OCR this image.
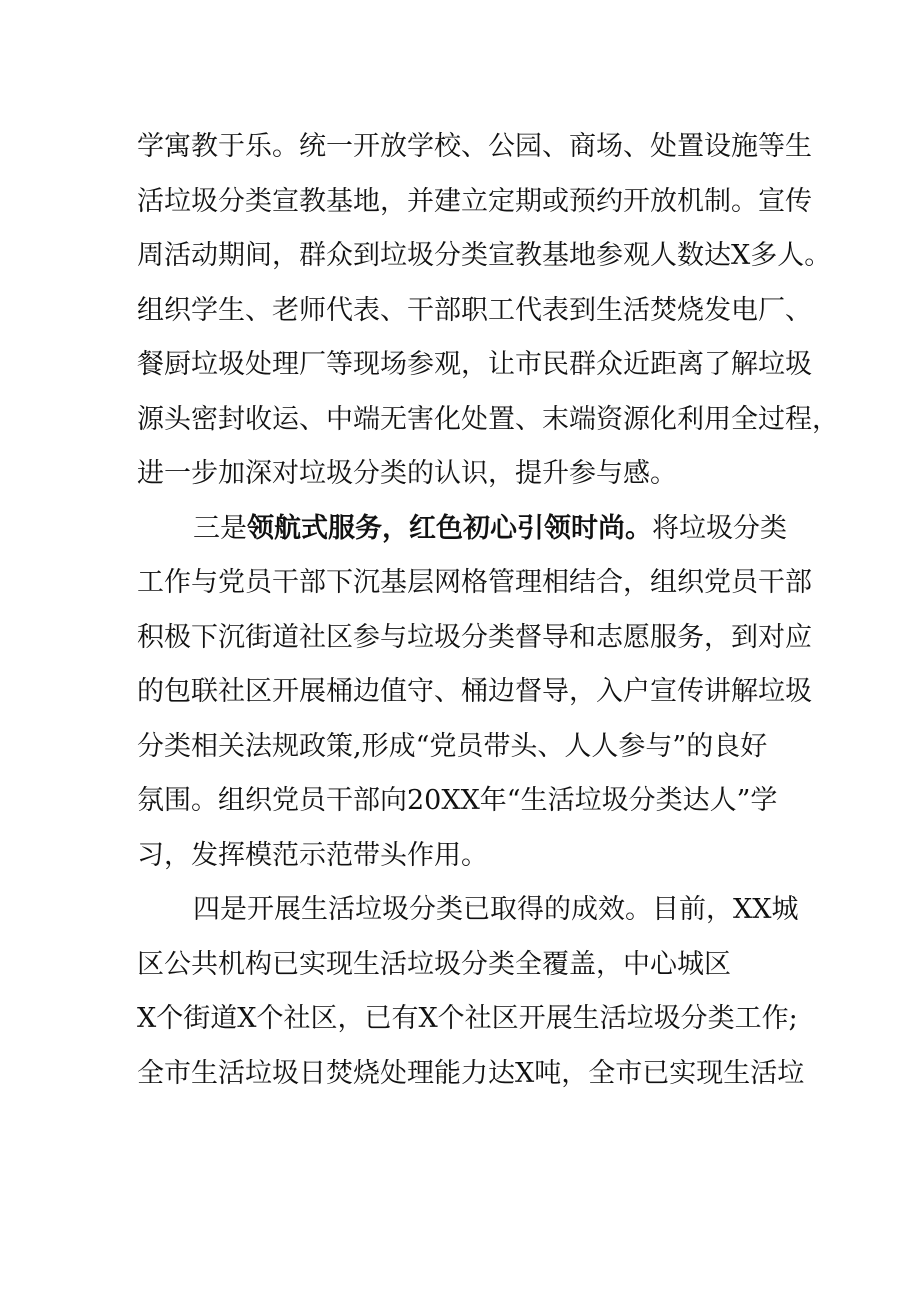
学寓教于乐。统一开放学校、公园、商场、处置设施等生
活垃圾分类宣教基地，并建立定期或预约开放机制。宣传
周活动期间，群众到垃圾分类宣教基地参观人数达X多人。
组织学生、老师代表、干部职工代表到生活焚烧发电厂、
餐厨垃圾处理厂等现场参观，让市民群众近距离了解垃圾
源头密封收运、中端无害化处置、末端资源化利用全过程，
进一步加深对垃圾分类的认识，提升参与感。
三是领航式服务，红色初心引领时尚。将垃圾分类
工作与党员干部下沉基层网格管理相结合，组织党员干部
积极下沉街道社区参与垃圾分类督导和志愿服务，到对应
的包联社区开展桶边值守、桶边督导，入户宣传讲解垃圾
分类相关法规政策,形成“党员带头、人人参与”的良好
氛围。组织党员干部向20XX年“生活垃圾分类达人”学
习，发挥模范示范带头作用。
四是开展生活垃圾分类已取得的成效。目前，XX城
区公共机构已实现生活垃圾分类全覆盖，中心城区
X个街道X个社区，已有X个社区开展生活垃圾分类工作;
全市生活垃圾日焚烧处理能力达X吨，全市已实现生活垃
